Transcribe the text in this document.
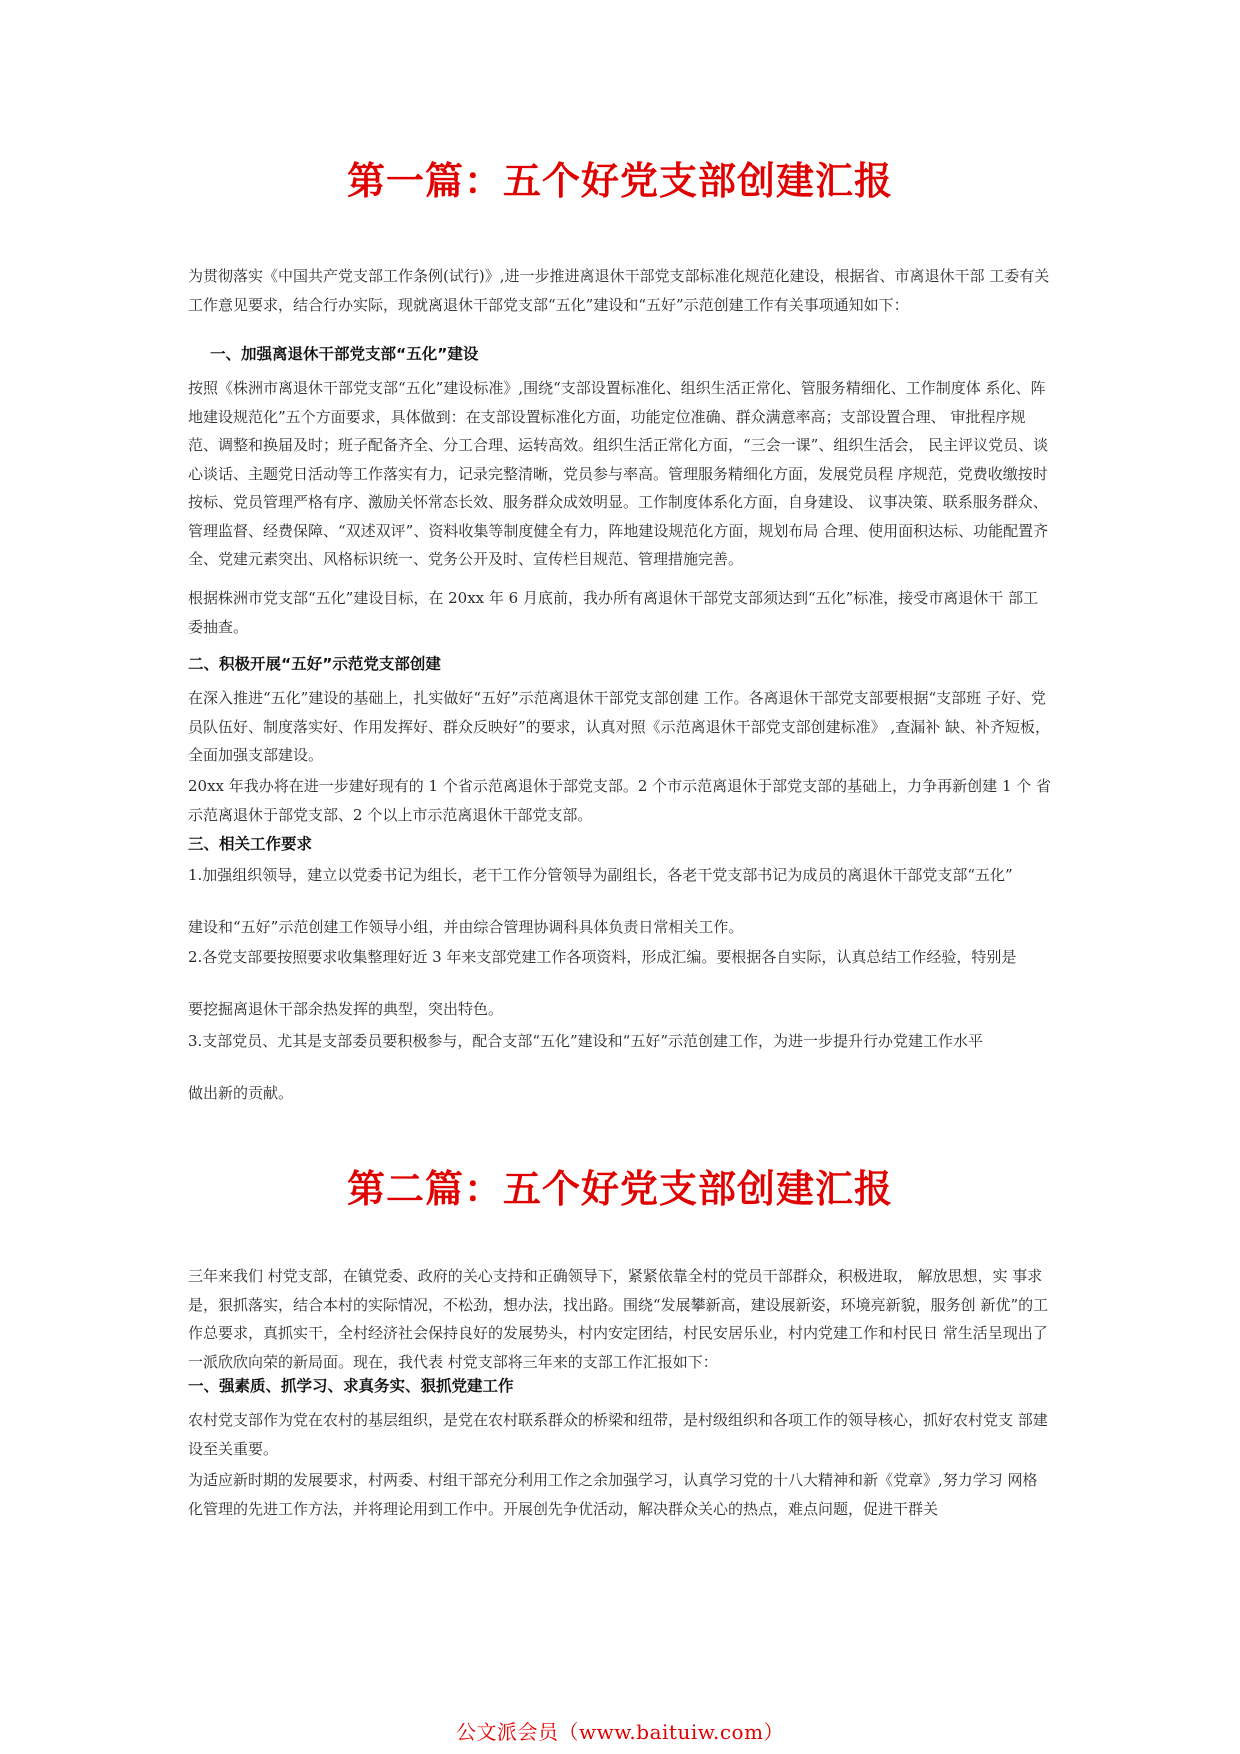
第一篇：五个好党支部创建汇报

为贯彻落实《中国共产党支部工作条例(试行)》,进一步推进离退休干部党支部标准化规范化建设，根据省、市离退休干部 工委有关工作意见要求，结合行办实际，现就离退休干部党支部“五化”建设和“五好”示范创建工作有关事项通知如下：

一、加强离退休干部党支部“五化”建设

按照《株洲市离退休干部党支部“五化”建设标准》,围绕“支部设置标准化、组织生活正常化、管服务精细化、工作制度体 系化、阵地建设规范化”五个方面要求，具体做到：在支部设置标准化方面，功能定位准确、群众满意率高；支部设置合理、 审批程序规范、调整和换届及时；班子配备齐全、分工合理、运转高效。组织生活正常化方面，“三会一课”、组织生活会， 民主评议党员、谈心谈话、主题党日活动等工作落实有力，记录完整清晰，党员参与率高。管理服务精细化方面，发展党员程 序规范，党费收缴按时按标、党员管理严格有序、激励关怀常态长效、服务群众成效明显。工作制度体系化方面，自身建设、 议事决策、联系服务群众、管理监督、经费保障、“双述双评”、资料收集等制度健全有力，阵地建设规范化方面，规划布局 合理、使用面积达标、功能配置齐全、党建元素突出、风格标识统一、党务公开及时、宣传栏目规范、管理措施完善。

根据株洲市党支部“五化”建设目标，在 20xx 年 6 月底前，我办所有离退休干部党支部须达到“五化”标准，接受市离退休干 部工委抽查。

二、积极开展“五好”示范党支部创建

在深入推进“五化”建设的基础上，扎实做好“五好”示范离退休干部党支部创建 工作。各离退休干部党支部要根据“支部班 子好、党员队伍好、制度落实好、作用发挥好、群众反映好”的要求，认真对照《示范离退休干部党支部创建标准》 ,查漏补 缺、补齐短板，全面加强支部建设。

20xx 年我办将在进一步建好现有的 1 个省示范离退休于部党支部。2 个市示范离退休于部党支部的基础上，力争再新创建 1 个 省示范离退休于部党支部、2 个以上市示范离退休干部党支部。

三、相关工作要求

1.加强组织领导，建立以党委书记为组长，老干工作分管领导为副组长，各老干党支部书记为成员的离退休干部党支部“五化”

建设和“五好”示范创建工作领导小组，并由综合管理协调科具体负责日常相关工作。

2.各党支部要按照要求收集整理好近 3 年来支部党建工作各项资料，形成汇编。要根据各自实际，认真总结工作经验，特别是

要挖掘离退休干部余热发挥的典型，突出特色。

3.支部党员、尤其是支部委员要积极参与，配合支部“五化”建设和“五好”示范创建工作，为进一步提升行办党建工作水平

做出新的贡献。

第二篇：五个好党支部创建汇报

三年来我们 村党支部，在镇党委、政府的关心支持和正确领导下，紧紧依靠全村的党员干部群众，积极进取， 解放思想，实 事求是，狠抓落实，结合本村的实际情况，不松劲，想办法，找出路。围绕“发展攀新高，建设展新姿，环境亮新貌，服务创 新优”的工作总要求，真抓实干，全村经济社会保持良好的发展势头，村内安定团结，村民安居乐业，村内党建工作和村民日 常生活呈现出了一派欣欣向荣的新局面。现在，我代表 村党支部将三年来的支部工作汇报如下：

一、强素质、抓学习、求真务实、狠抓党建工作

农村党支部作为党在农村的基层组织，是党在农村联系群众的桥梁和纽带，是村级组织和各项工作的领导核心，抓好农村党支 部建设至关重要。

为适应新时期的发展要求，村两委、村组干部充分利用工作之余加强学习，认真学习党的十八大精神和新《党章》,努力学习 网格化管理的先进工作方法，并将理论用到工作中。开展创先争优活动，解决群众关心的热点，难点问题，促进干群关

公文派会员（www.baituiw.com）
